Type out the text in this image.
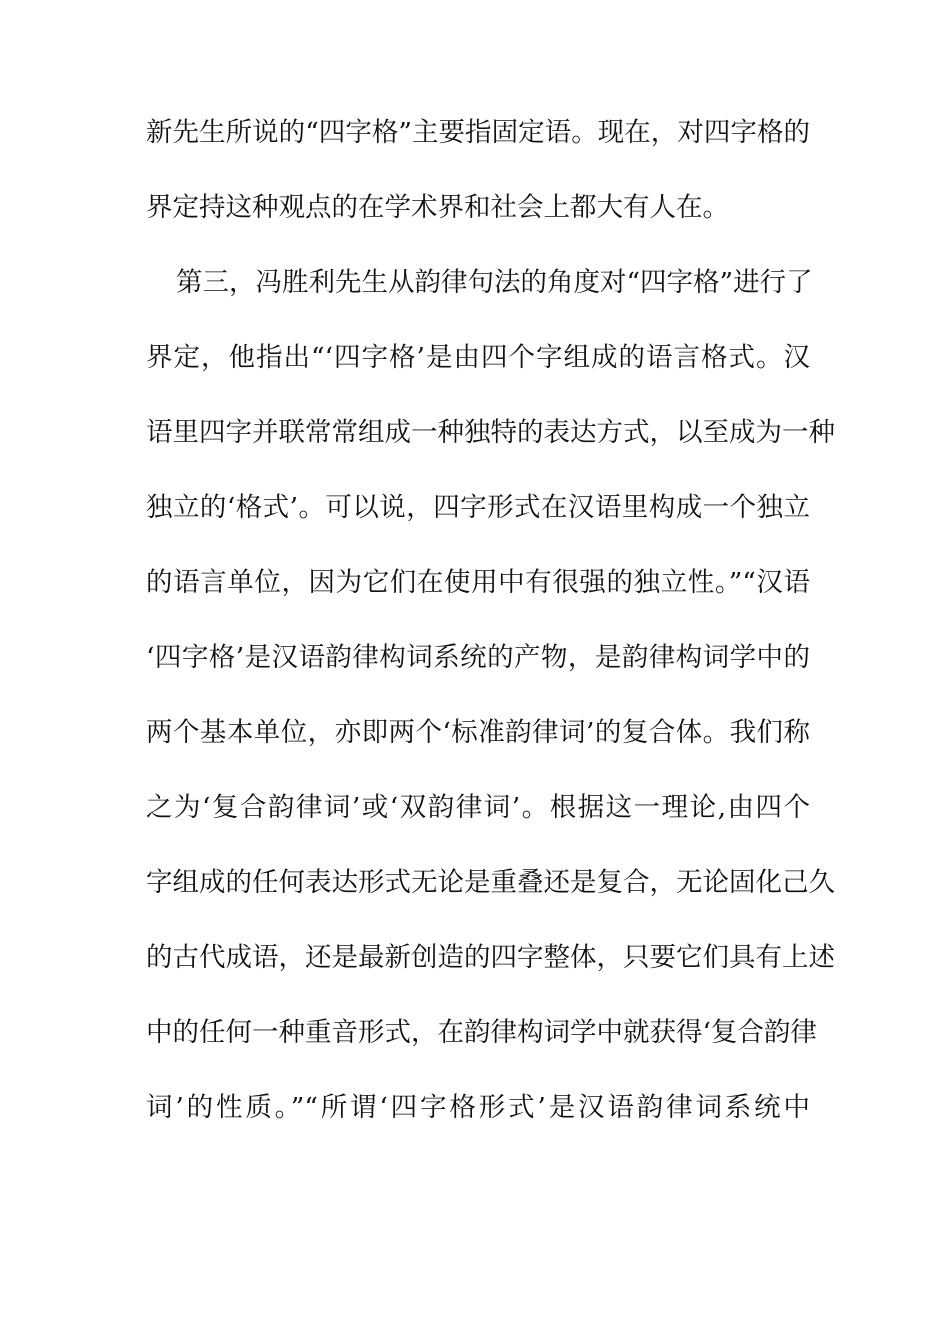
新先生所说的“四字格”主要指固定语。现在，对四字格的
界定持这种观点的在学术界和社会上都大有人在。
第三，冯胜利先生从韵律句法的角度对“四字格”进行了
界定，他指出“‘四字格’是由四个字组成的语言格式。汉
语里四字并联常常组成一种独特的表达方式，以至成为一种
独立的‘格式’。可以说，四字形式在汉语里构成一个独立
的语言单位，因为它们在使用中有很强的独立性。”“汉语
‘四字格’是汉语韵律构词系统的产物，是韵律构词学中的
两个基本单位，亦即两个‘标准韵律词’的复合体。我们称
之为‘复合韵律词’或‘双韵律词’。根据这一理论,由四个
字组成的任何表达形式无论是重叠还是复合，无论固化己久
的古代成语，还是最新创造的四字整体，只要它们具有上述
中的任何一种重音形式，在韵律构词学中就获得‘复合韵律
词’的性质。”“所谓‘四字格形式’是汉语韵律词系统中
